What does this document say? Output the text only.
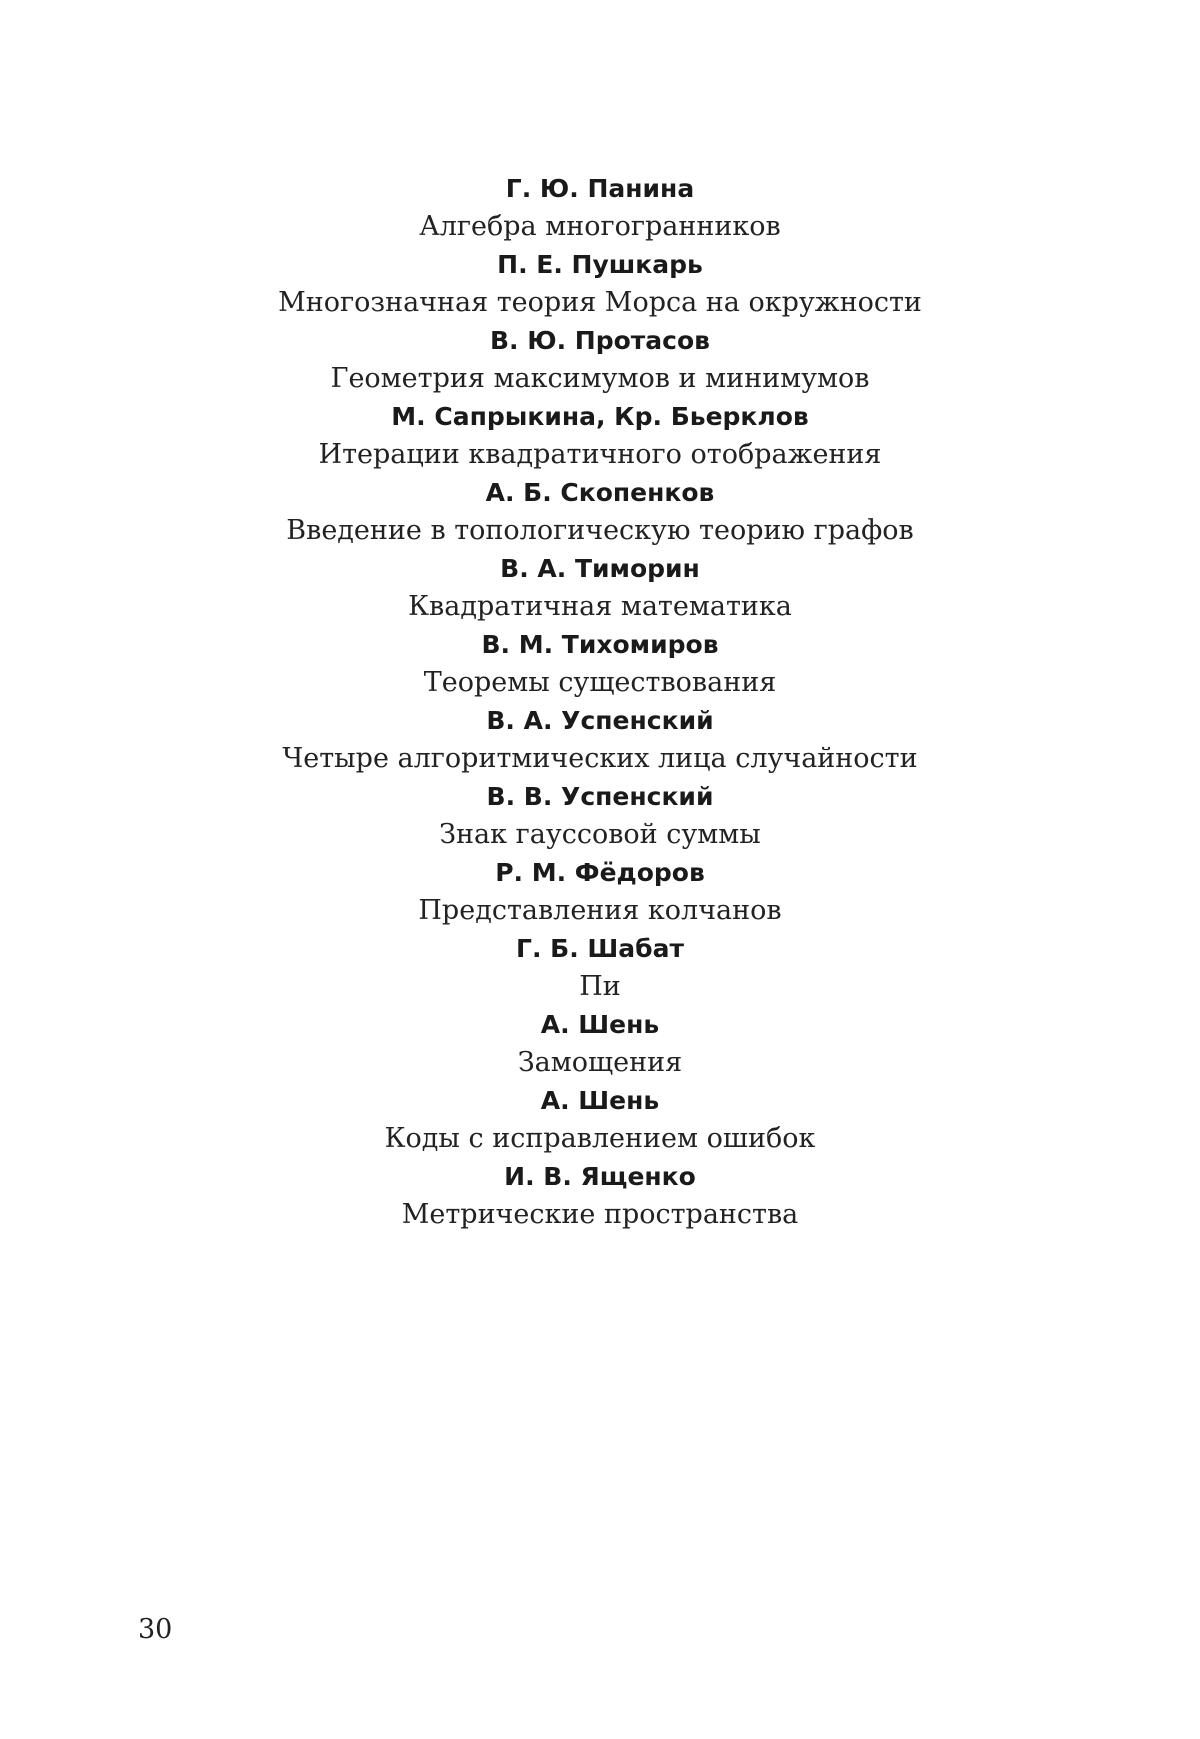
Г. Ю. Панина
Алгебра многогранников
П. Е. Пушкарь
Многозначная теория Морса на окружности
В. Ю. Протасов
Геометрия максимумов и минимумов
М. Сапрыкина, Кр. Бьерклов
Итерации квадратичного отображения
А. Б. Скопенков
Введение в топологическую теорию графов
В. А. Тиморин
Квадратичная математика
В. М. Тихомиров
Теоремы существования
В. А. Успенский
Четыре алгоритмических лица случайности
В. В. Успенский
Знак гауссовой суммы
Р. М. Фёдоров
Представления колчанов
Г. Б. Шабат
Пи
А. Шень
Замощения
А. Шень
Коды с исправлением ошибок
И. В. Ященко
Метрические пространства
30
